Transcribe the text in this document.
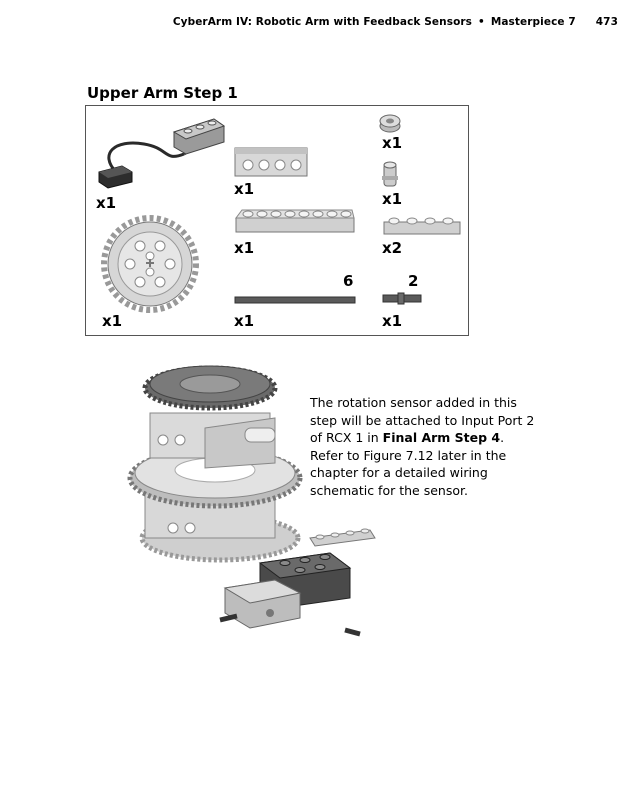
CyberArm IV: Robotic Arm with Feedback Sensors • Masterpiece 7 473
Upper Arm Step 1
x1
x1
x1
x1
x1	x2
x1
6
x1
2
x1
The rotation sensor added in this step will be attached to Input Port 2 of RCX 1 in Final Arm Step 4. Refer to Figure 7.12 later in the chapter for a detailed wiring schematic for the sensor.
